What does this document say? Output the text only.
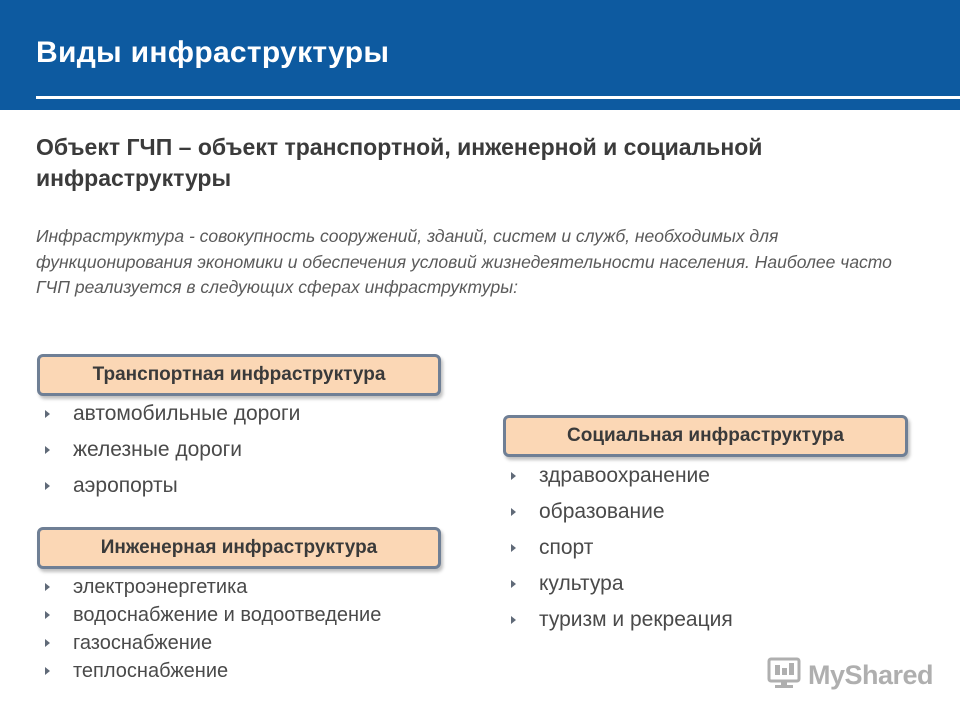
Виды инфраструктуры
Объект ГЧП – объект транспортной, инженерной и социальной инфраструктуры
Инфраструктура - совокупность сооружений, зданий, систем и служб, необходимых для функционирования экономики и обеспечения условий жизнедеятельности населения. Наиболее часто ГЧП реализуется в следующих сферах инфраструктуры:
Транспортная инфраструктура
автомобильные дороги
железные дороги
аэропорты
Инженерная инфраструктура
электроэнергетика
водоснабжение и водоотведение
газоснабжение
теплоснабжение
Социальная инфраструктура
здравоохранение
образование
спорт
культура
туризм и рекреация
MyShared
